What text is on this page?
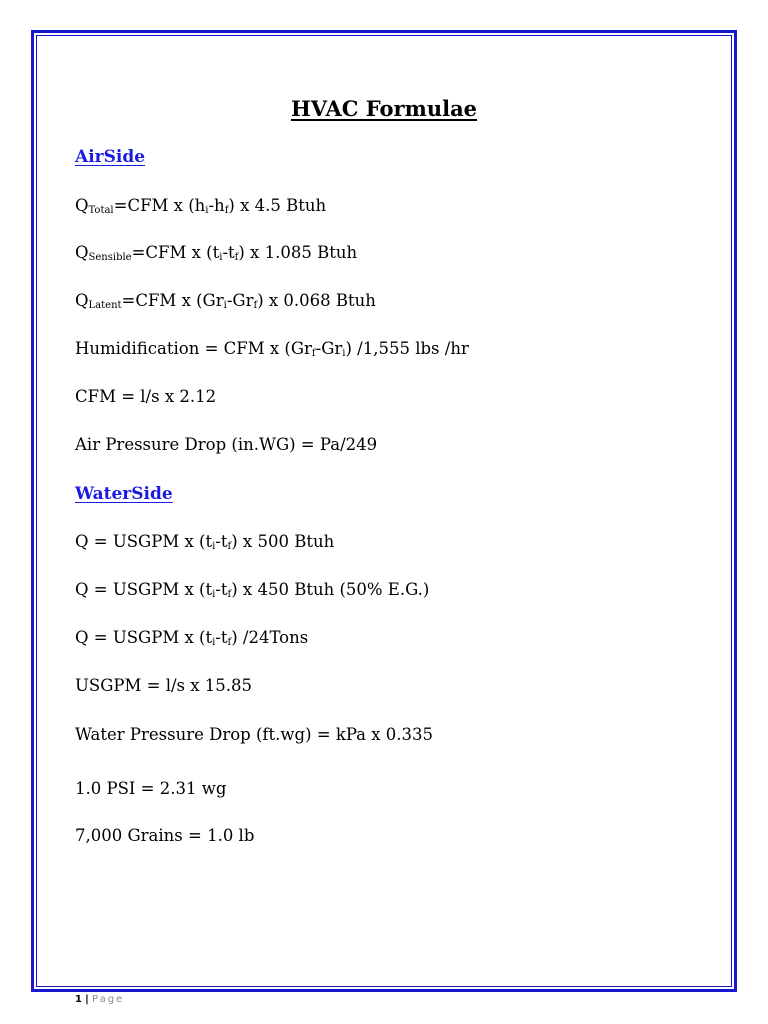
HVAC Formulae
AirSide
$Q_{Total}=CFM$ x $(h_i-h_f)$ x 4.5 Btuh
$Q_{Sensible}=CFM$ x $(t_i-t_f)$ x 1.085 Btuh
$Q_{Latent}=CFM$ x $(Gr_i-Gr_f)$ x 0.068 Btuh
Humidification = CFM x $(Gr_f-Gr_i)$ /1,555 lbs /hr
CFM = l/s x 2.12
Air Pressure Drop (in.WG) = Pa/249
WaterSide
Q = USGPM x $(t_i-t_f)$ x 500 Btuh
Q = USGPM x $(t_i-t_f)$ x 450 Btuh (50% E.G.)
Q = USGPM x $(t_i-t_f)$ /24Tons
USGPM = l/s x 15.85
Water Pressure Drop (ft.wg) = kPa x 0.335
1.0 PSI = 2.31 wg
7,000 Grains = 1.0 lb
1 | Page
